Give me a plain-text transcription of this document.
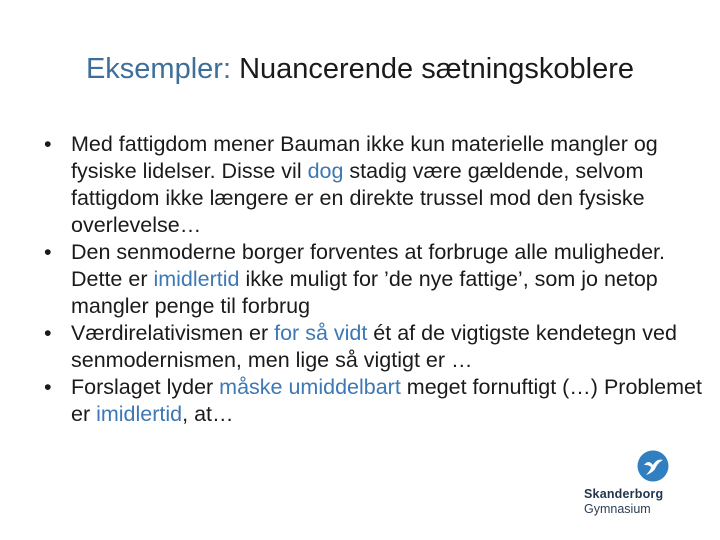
Eksempler: Nuancerende sætningskoblere
• Med fattigdom mener Bauman ikke kun materielle mangler og fysiske lidelser. Disse vil dog stadig være gældende, selvom fattigdom ikke længere er en direkte trussel mod den fysiske overlevelse…
• Den senmoderne borger forventes at forbruge alle muligheder. Dette er imidlertid ikke muligt for ’de nye fattige’, som jo netop mangler penge til forbrug
• Værdirelativismen er for så vidt ét af de vigtigste kendetegn ved senmodernismen, men lige så vigtigt er …
• Forslaget lyder måske umiddelbart meget fornuftigt (…) Problemet er imidlertid, at…
Skanderborg
Gymnasium
